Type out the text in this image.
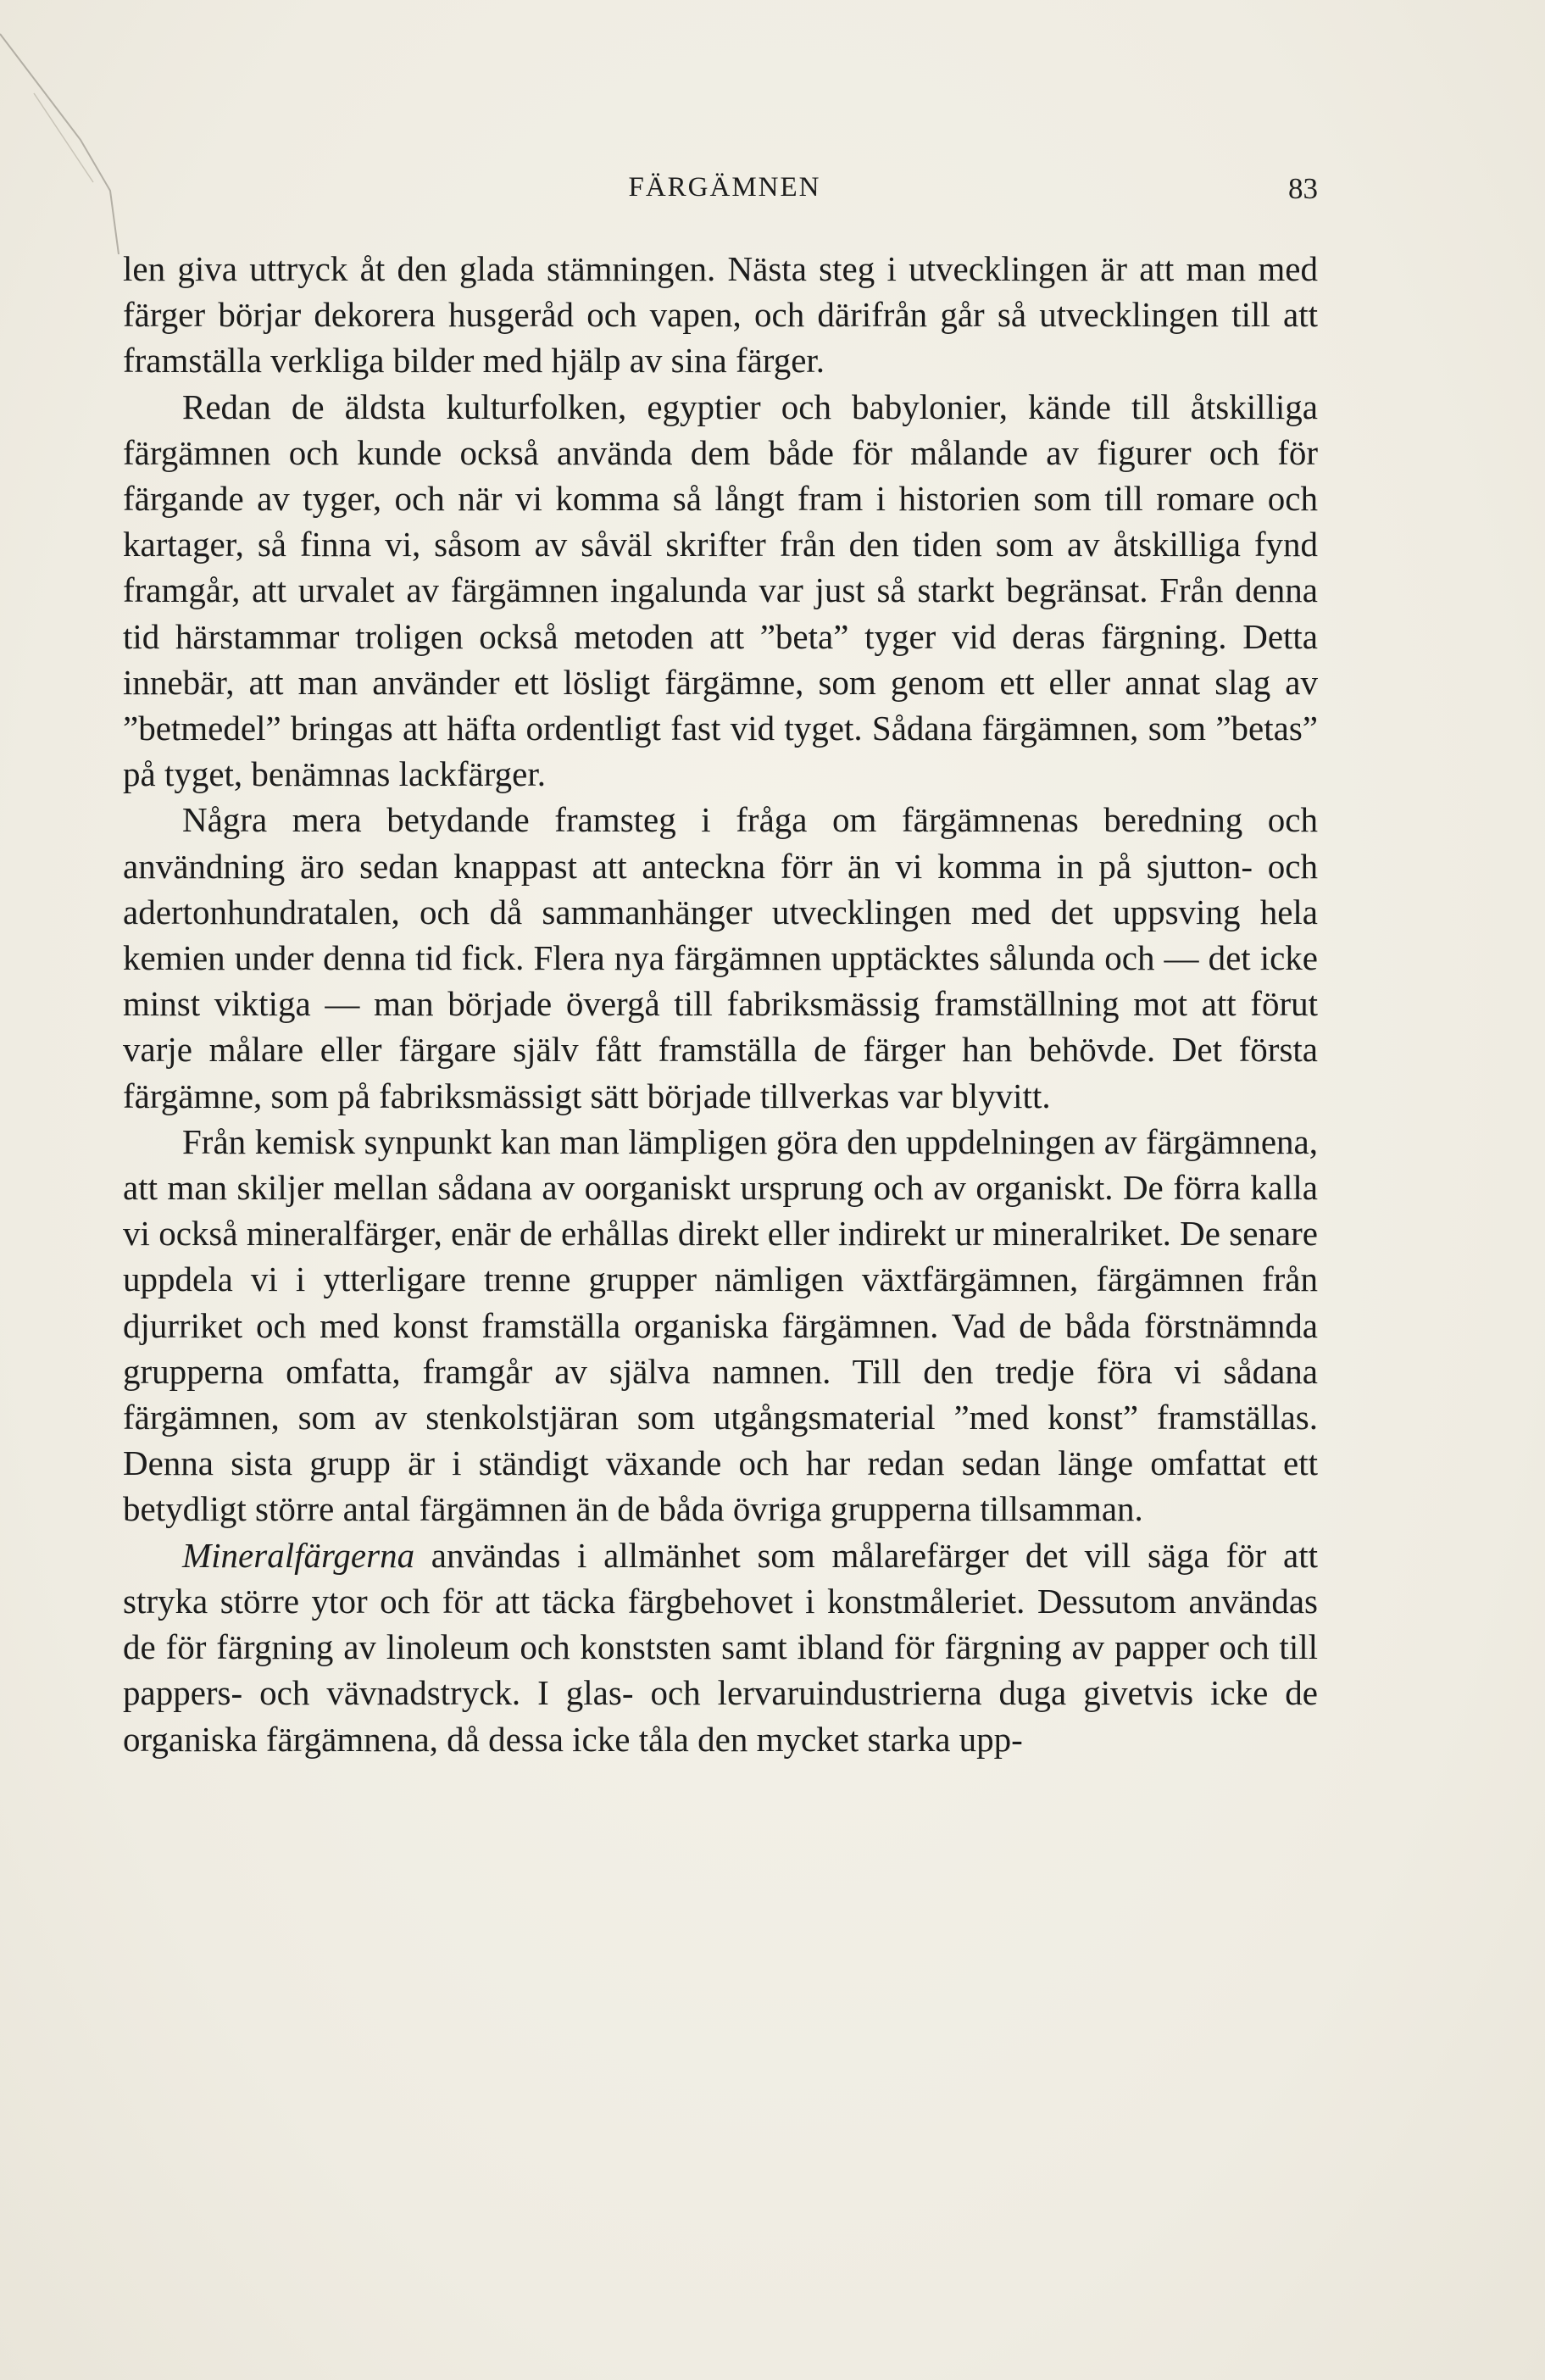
FÄRGÄMNEN	83

len giva uttryck åt den glada stämningen. Nästa steg i utvecklingen är att man med färger börjar dekorera husgeråd och vapen, och därifrån går så utvecklingen till att framställa verkliga bilder med hjälp av sina färger.

Redan de äldsta kulturfolken, egyptier och babylonier, kände till åtskilliga färgämnen och kunde också använda dem både för målande av figurer och för färgande av tyger, och när vi komma så långt fram i historien som till romare och kartager, så finna vi, såsom av såväl skrifter från den tiden som av åtskilliga fynd framgår, att urvalet av färgämnen ingalunda var just så starkt begränsat. Från denna tid härstammar troligen också metoden att ”beta” tyger vid deras färgning. Detta innebär, att man använder ett lösligt färgämne, som genom ett eller annat slag av ”betmedel” bringas att häfta ordentligt fast vid tyget. Sådana färgämnen, som ”betas” på tyget, benämnas lackfärger.

Några mera betydande framsteg i fråga om färgämnenas beredning och användning äro sedan knappast att anteckna förr än vi komma in på sjutton- och adertonhundratalen, och då sammanhänger utvecklingen med det uppsving hela kemien under denna tid fick. Flera nya färgämnen upptäcktes sålunda och — det icke minst viktiga — man började övergå till fabriksmässig framställning mot att förut varje målare eller färgare själv fått framställa de färger han behövde. Det första färgämne, som på fabriksmässigt sätt började tillverkas var blyvitt.

Från kemisk synpunkt kan man lämpligen göra den uppdelningen av färgämnena, att man skiljer mellan sådana av oorganiskt ursprung och av organiskt. De förra kalla vi också mineralfärger, enär de erhållas direkt eller indirekt ur mineralriket. De senare uppdela vi i ytterligare trenne grupper nämligen växtfärgämnen, färgämnen från djurriket och med konst framställa organiska färgämnen. Vad de båda förstnämnda grupperna omfatta, framgår av själva namnen. Till den tredje föra vi sådana färgämnen, som av stenkolstjäran som utgångsmaterial ”med konst” framställas. Denna sista grupp är i ständigt växande och har redan sedan länge omfattat ett betydligt större antal färgämnen än de båda övriga grupperna tillsamman.

Mineralfärgerna användas i allmänhet som målarefärger det vill säga för att stryka större ytor och för att täcka färgbehovet i konstmåleriet. Dessutom användas de för färgning av linoleum och konststen samt ibland för färgning av papper och till pappers- och vävnadstryck. I glas- och lervaruindustrierna duga givetvis icke de organiska färgämnena, då dessa icke tåla den mycket starka upp-
